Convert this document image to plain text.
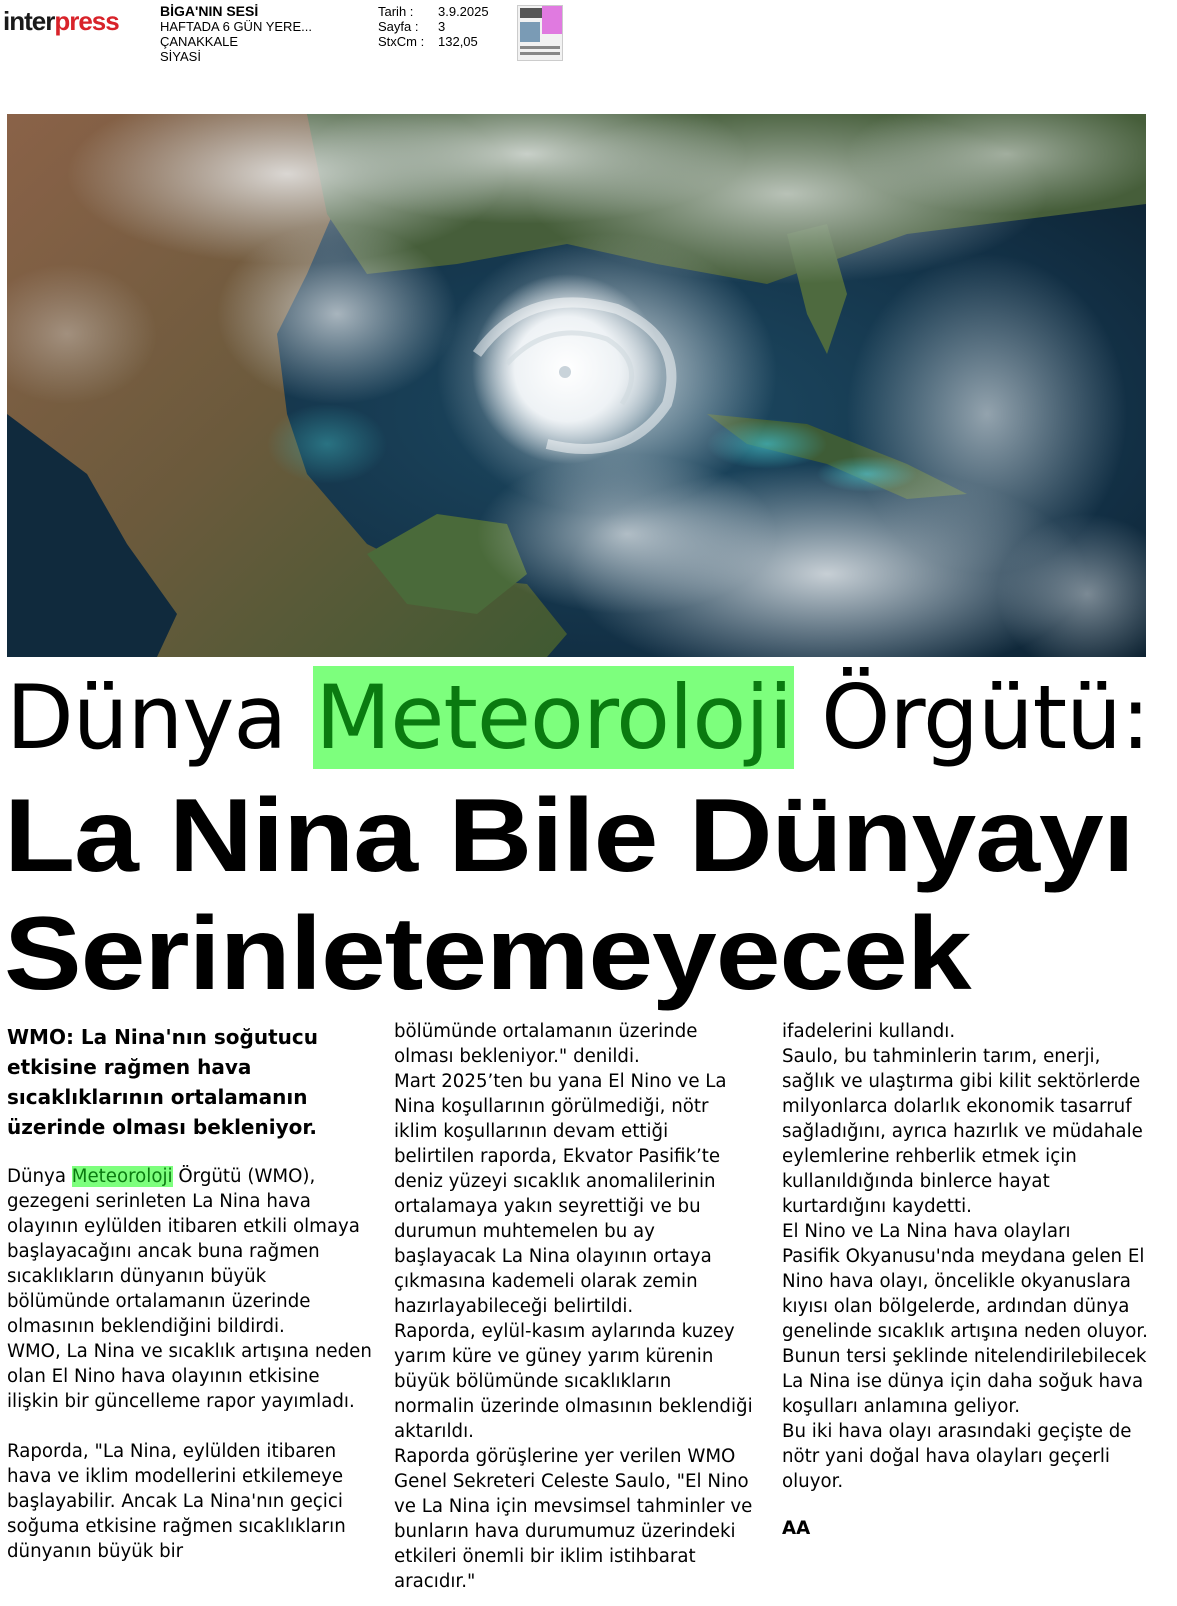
interpress	BİGA'NIN SESİ
HAFTADA 6 GÜN YERE...
ÇANAKKALE
SİYASİ
Tarih :	3.9.2025
Sayfa :	3
StxCm :	132,05
Dünya Meteoroloji Örgütü:
La Nina Bile Dünyayı
Serinletemeyecek

WMO: La Nina'nın soğutucu etkisine rağmen hava sıcaklıklarının ortalamanın üzerinde olması bekleniyor.

Dünya Meteoroloji Örgütü (WMO), gezegeni serinleten La Nina hava olayının eylülden itibaren etkili olmaya başlayacağını ancak buna rağmen sıcaklıkların dünyanın büyük bölümünde ortalamanın üzerinde olmasının beklendiğini bildirdi.

WMO, La Nina ve sıcaklık artışına neden olan El Nino hava olayının etkisine ilişkin bir güncelleme rapor yayımladı.

Raporda, "La Nina, eylülden itibaren hava ve iklim modellerini etkilemeye başlayabilir. Ancak La Nina'nın geçici soğuma etkisine rağmen sıcaklıkların dünyanın büyük bir

bölümünde ortalamanın üzerinde olması bekleniyor." denildi.

Mart 2025’ten bu yana El Nino ve La Nina koşullarının görülmediği, nötr iklim koşullarının devam ettiği belirtilen raporda, Ekvator Pasifik’te deniz yüzeyi sıcaklık anomalilerinin ortalamaya yakın seyrettiği ve bu durumun muhtemelen bu ay başlayacak La Nina olayının ortaya çıkmasına kademeli olarak zemin hazırlayabileceği belirtildi.

Raporda, eylül-kasım aylarında kuzey yarım küre ve güney yarım kürenin büyük bölümünde sıcaklıkların normalin üzerinde olmasının beklendiği aktarıldı.

Raporda görüşlerine yer verilen WMO Genel Sekreteri Celeste Saulo, "El Nino ve La Nina için mevsimsel tahminler ve bunların hava durumumuz üzerindeki etkileri önemli bir iklim istihbarat aracıdır."

ifadelerini kullandı.

Saulo, bu tahminlerin tarım, enerji, sağlık ve ulaştırma gibi kilit sektörlerde milyonlarca dolarlık ekonomik tasarruf sağladığını, ayrıca hazırlık ve müdahale eylemlerine rehberlik etmek için kullanıldığında binlerce hayat kurtardığını kaydetti.

El Nino ve La Nina hava olayları

Pasifik Okyanusu'nda meydana gelen El Nino hava olayı, öncelikle okyanuslara kıyısı olan bölgelerde, ardından dünya genelinde sıcaklık artışına neden oluyor.

Bunun tersi şeklinde nitelendirilebilecek La Nina ise dünya için daha soğuk hava koşulları anlamına geliyor.

Bu iki hava olayı arasındaki geçişte de nötr yani doğal hava olayları geçerli oluyor.

AA
